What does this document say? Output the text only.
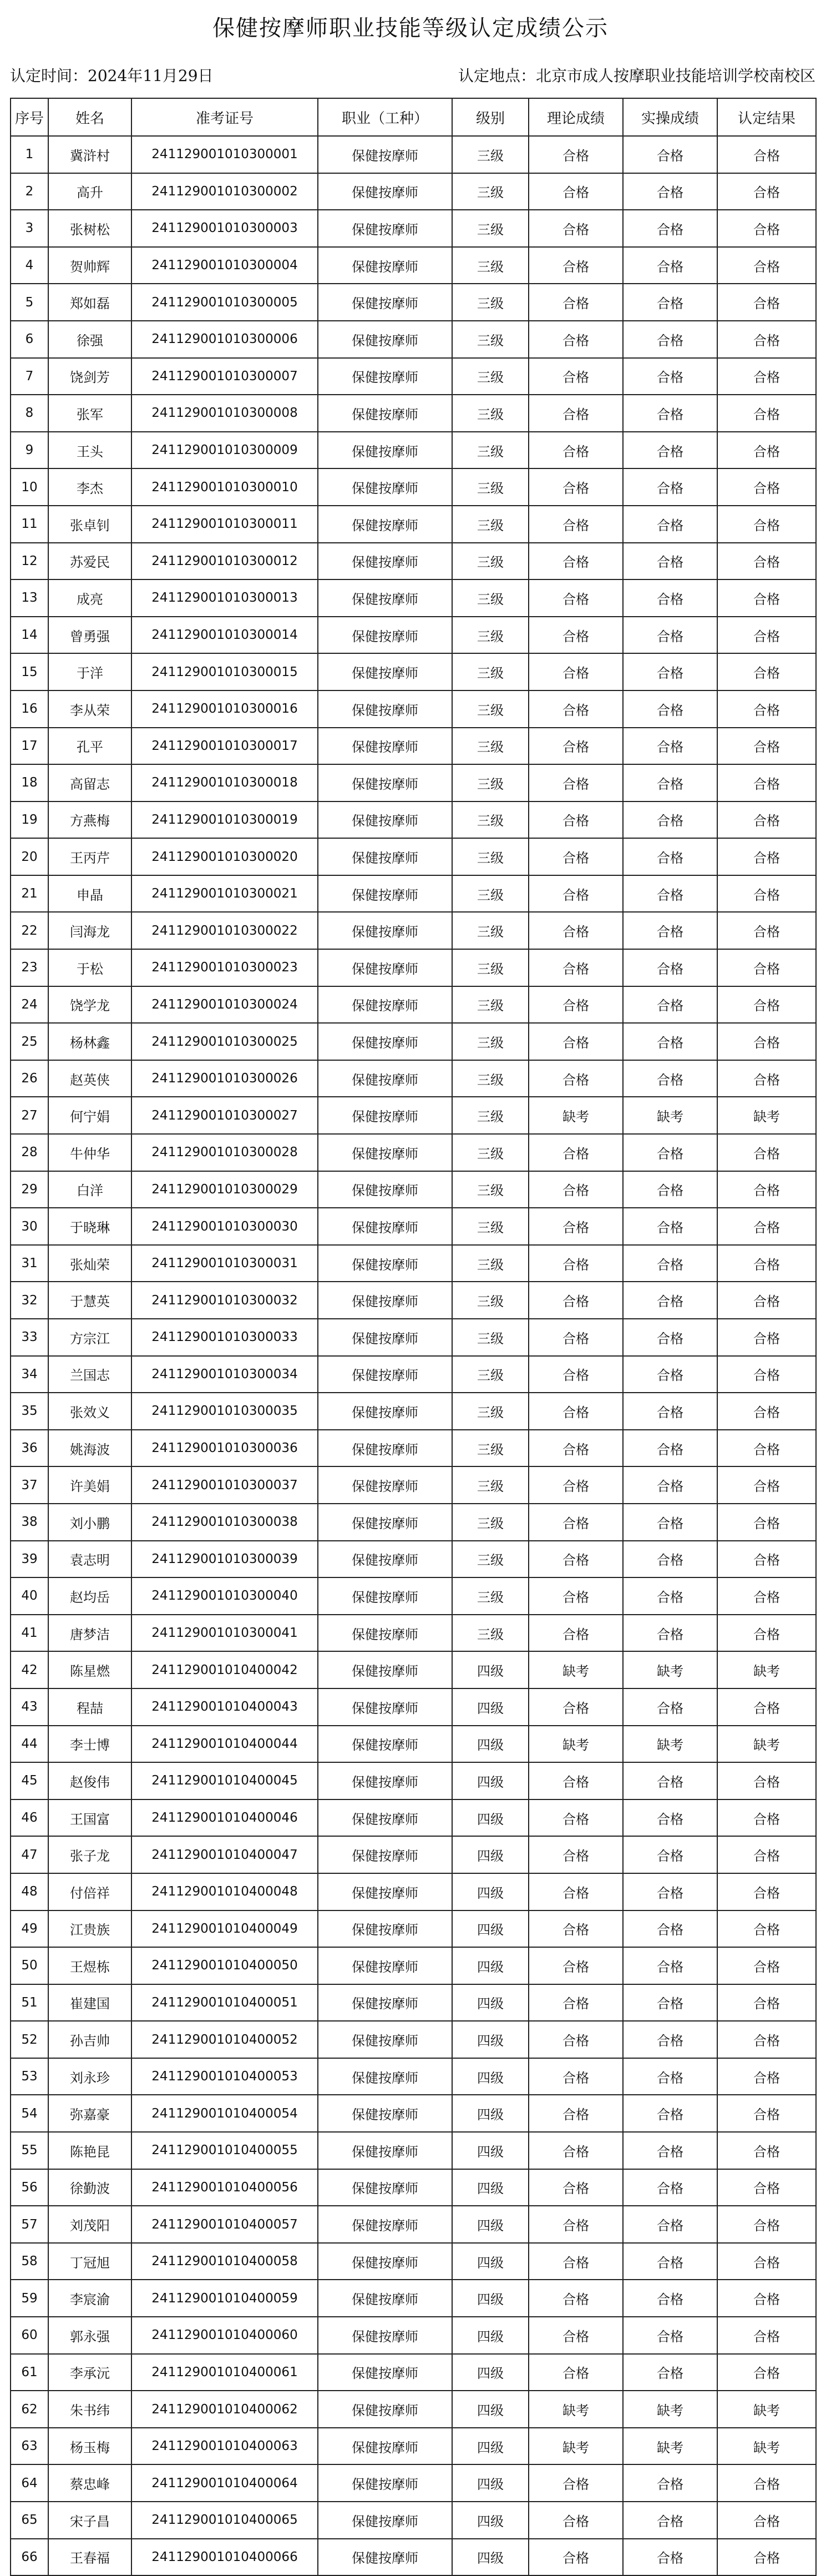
保健按摩师职业技能等级认定成绩公示
认定时间：2024年11月29日	认定地点：北京市成人按摩职业技能培训学校南校区
序号	姓名	准考证号	职业（工种）	级别	理论成绩	实操成绩	认定结果
1	冀浒村	241129001010300001	保健按摩师	三级	合格	合格	合格
2	高升	241129001010300002	保健按摩师	三级	合格	合格	合格
3	张树松	241129001010300003	保健按摩师	三级	合格	合格	合格
4	贺帅辉	241129001010300004	保健按摩师	三级	合格	合格	合格
5	郑如磊	241129001010300005	保健按摩师	三级	合格	合格	合格
6	徐强	241129001010300006	保健按摩师	三级	合格	合格	合格
7	饶剑芳	241129001010300007	保健按摩师	三级	合格	合格	合格
8	张军	241129001010300008	保健按摩师	三级	合格	合格	合格
9	王头	241129001010300009	保健按摩师	三级	合格	合格	合格
10	李杰	241129001010300010	保健按摩师	三级	合格	合格	合格
11	张卓钊	241129001010300011	保健按摩师	三级	合格	合格	合格
12	苏爱民	241129001010300012	保健按摩师	三级	合格	合格	合格
13	成亮	241129001010300013	保健按摩师	三级	合格	合格	合格
14	曾勇强	241129001010300014	保健按摩师	三级	合格	合格	合格
15	于洋	241129001010300015	保健按摩师	三级	合格	合格	合格
16	李从荣	241129001010300016	保健按摩师	三级	合格	合格	合格
17	孔平	241129001010300017	保健按摩师	三级	合格	合格	合格
18	高留志	241129001010300018	保健按摩师	三级	合格	合格	合格
19	方燕梅	241129001010300019	保健按摩师	三级	合格	合格	合格
20	王丙芹	241129001010300020	保健按摩师	三级	合格	合格	合格
21	申晶	241129001010300021	保健按摩师	三级	合格	合格	合格
22	闫海龙	241129001010300022	保健按摩师	三级	合格	合格	合格
23	于松	241129001010300023	保健按摩师	三级	合格	合格	合格
24	饶学龙	241129001010300024	保健按摩师	三级	合格	合格	合格
25	杨林鑫	241129001010300025	保健按摩师	三级	合格	合格	合格
26	赵英侠	241129001010300026	保健按摩师	三级	合格	合格	合格
27	何宁娟	241129001010300027	保健按摩师	三级	缺考	缺考	缺考
28	牛仲华	241129001010300028	保健按摩师	三级	合格	合格	合格
29	白洋	241129001010300029	保健按摩师	三级	合格	合格	合格
30	于晓琳	241129001010300030	保健按摩师	三级	合格	合格	合格
31	张灿荣	241129001010300031	保健按摩师	三级	合格	合格	合格
32	于慧英	241129001010300032	保健按摩师	三级	合格	合格	合格
33	方宗江	241129001010300033	保健按摩师	三级	合格	合格	合格
34	兰国志	241129001010300034	保健按摩师	三级	合格	合格	合格
35	张效义	241129001010300035	保健按摩师	三级	合格	合格	合格
36	姚海波	241129001010300036	保健按摩师	三级	合格	合格	合格
37	许美娟	241129001010300037	保健按摩师	三级	合格	合格	合格
38	刘小鹏	241129001010300038	保健按摩师	三级	合格	合格	合格
39	袁志明	241129001010300039	保健按摩师	三级	合格	合格	合格
40	赵均岳	241129001010300040	保健按摩师	三级	合格	合格	合格
41	唐梦洁	241129001010300041	保健按摩师	三级	合格	合格	合格
42	陈星燃	241129001010400042	保健按摩师	四级	缺考	缺考	缺考
43	程喆	241129001010400043	保健按摩师	四级	合格	合格	合格
44	李士博	241129001010400044	保健按摩师	四级	缺考	缺考	缺考
45	赵俊伟	241129001010400045	保健按摩师	四级	合格	合格	合格
46	王国富	241129001010400046	保健按摩师	四级	合格	合格	合格
47	张子龙	241129001010400047	保健按摩师	四级	合格	合格	合格
48	付倍祥	241129001010400048	保健按摩师	四级	合格	合格	合格
49	江贵族	241129001010400049	保健按摩师	四级	合格	合格	合格
50	王煜栋	241129001010400050	保健按摩师	四级	合格	合格	合格
51	崔建国	241129001010400051	保健按摩师	四级	合格	合格	合格
52	孙吉帅	241129001010400052	保健按摩师	四级	合格	合格	合格
53	刘永珍	241129001010400053	保健按摩师	四级	合格	合格	合格
54	弥嘉豪	241129001010400054	保健按摩师	四级	合格	合格	合格
55	陈艳昆	241129001010400055	保健按摩师	四级	合格	合格	合格
56	徐勤波	241129001010400056	保健按摩师	四级	合格	合格	合格
57	刘茂阳	241129001010400057	保健按摩师	四级	合格	合格	合格
58	丁冠旭	241129001010400058	保健按摩师	四级	合格	合格	合格
59	李宸渝	241129001010400059	保健按摩师	四级	合格	合格	合格
60	郭永强	241129001010400060	保健按摩师	四级	合格	合格	合格
61	李承沅	241129001010400061	保健按摩师	四级	合格	合格	合格
62	朱书纬	241129001010400062	保健按摩师	四级	缺考	缺考	缺考
63	杨玉梅	241129001010400063	保健按摩师	四级	缺考	缺考	缺考
64	蔡忠峰	241129001010400064	保健按摩师	四级	合格	合格	合格
65	宋子昌	241129001010400065	保健按摩师	四级	合格	合格	合格
66	王春福	241129001010400066	保健按摩师	四级	合格	合格	合格
